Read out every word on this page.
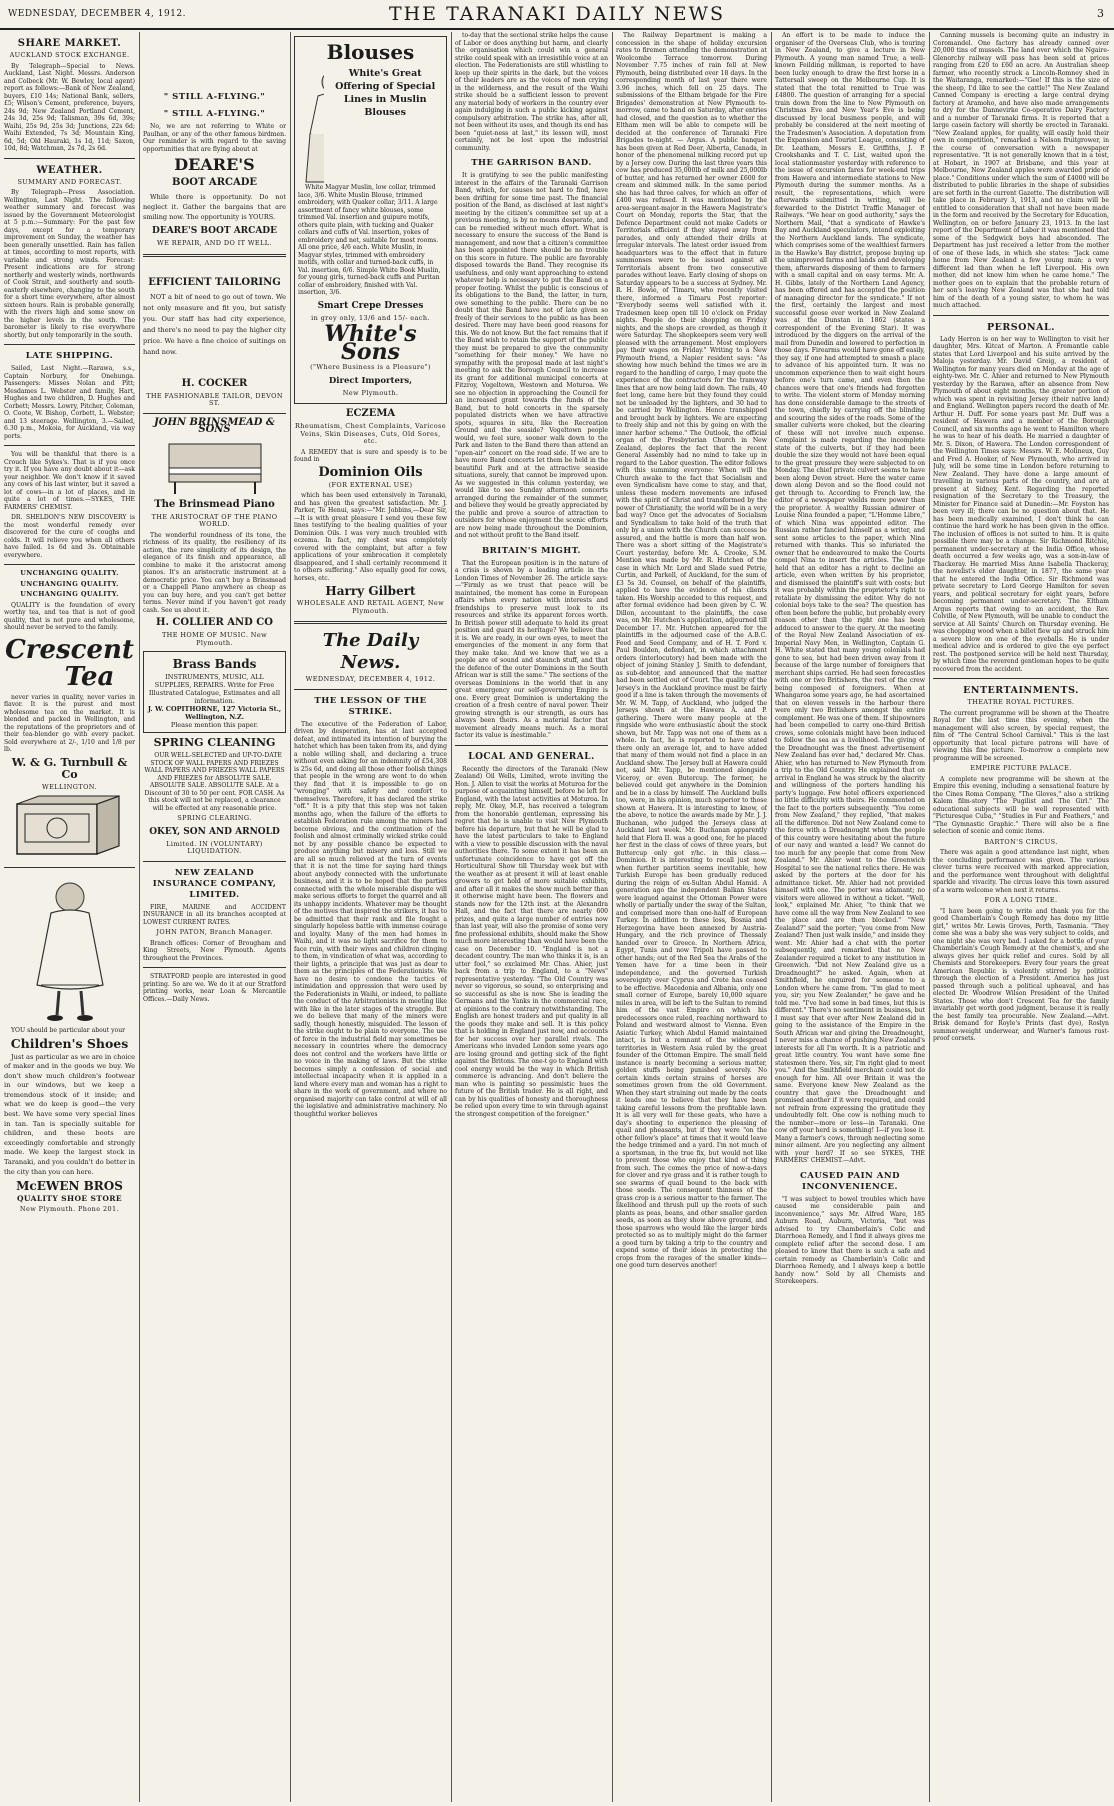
WEDNESDAY, DECEMBER 4, 1912.	THE TARANAKI DAILY NEWS	3
SHARE MARKET.
AUCKLAND STOCK EXCHANGE.

By Telegraph—Special to News. Auckland, Last Night. Messrs. Anderson and Colbeck (Mr. W. Bewley, local agent) report as follows:—Bank of New Zealand, buyers, £10 14s; National Bank, sellers, £5; Wilson's Cement, preference, buyers, 24s 9d; New Zealand Portland Cement, 24s 3d, 25s 9d; Talisman, 39s 6d, 39s; Waihi, 25s 9d, 25s 3d; Junctions, 22s 6d; Waihi Extended, 7s 3d; Mountain King, 6d, 5d; Old Hauraki, 1s 1d, 11d; Saxon, 10d, 8d; Watchman, 2s 7d, 2s 6d.

WEATHER.
SUMMARY AND FORECAST.

By Telegraph—Press Association. Wellington, Last Night. The following weather summary and forecast was issued by the Government Meteorologist at 5 p.m.:—Summary: For the past few days, except for a temporary improvement on Sunday, the weather has been generally unsettled. Rain has fallen at times, according to most reports, with variable and strong winds. Forecast: Present indications are for strong northerly and westerly winds, northwards of Cook Strait, and southerly and south-easterly elsewhere, changing to the south for a short time everywhere, after almost sixteen hours. Rain is probable generally, with the rivers high and some snow on the higher levels in the south. The barometer is likely to rise everywhere shortly, but only temporarily in the south.

LATE SHIPPING.

Sailed, Last Night.—Rarawa, s.s., Captain Norbury, for Onehunga. Passengers: Misses Nolan and Pitt; Mesdames L. Webster and family, Hart, Hughes and two children, D. Hughes and Corbett; Messrs. Lowry, Pitcher, Coleman, O. Coote, W. Bishop, Corbett, L. Webster; and 13 steerage. Wellington, 3.—Sailed, 6.30 p.m., Mokoia, for Auckland, via way ports.

You will be thankful that there is a Crouch like Sykes's. That is if you once try it. If you have any doubt about it—ask your neighbor. We don't know if it saved any cows of his last winter, but it saved a lot of cows—in a lot of places, and in quite a lot of times.—SYKES, THE FARMERS' CHEMIST.

DR. SHELDON'S NEW DISCOVERY is the most wonderful remedy ever discovered for the cure of coughs and colds. It will relieve you when all others have failed. 1s 6d and 3s. Obtainable everywhere.

UNCHANGING QUALITY.
UNCHANGING QUALITY.
UNCHANGING QUALITY.

QUALITY is the foundation of every worthy tea, and tea that is not of good quality, that is not pure and wholesome, should never be served to the family.

Crescent
Tea

never varies in quality, never varies in flavor. It is the purest and most wholesome tea on the market. It is blended and packed in Wellington, and the reputations of the proprietors and of their tea-blender go with every packet. Sold everywhere at 2/-, 1/10 and 1/8 per lb.

W. & G. Turnbull & Co
WELLINGTON.

YOU should be particular about your

Children's Shoes

Just as particular as we are in choice of maker and in the goods we buy. We don't show much children's footwear in our windows, but we keep a tremendous stock of it inside; and what we do keep is good—the very best. We have some very special lines in tan. Tan is specially suitable for children, and these boots are exceedingly comfortable and strongly made. We keep the largest stock in Taranaki, and you couldn't do better in the city than you can here.

McEWEN BROS
QUALITY SHOE STORE
New Plymouth. Phone 201.
" STILL A-FLYING."
" STILL A-FLYING."

No, we are not referring to White or Paulhan, or any of the other famous birdmen. Our reminder is with regard to the saving opportunities that are flying about at

DEARE'S
BOOT ARCADE

While there is opportunity. Do not neglect it. Gather the bargains that are smiling now. The opportunity is YOURS.

DEARE'S BOOT ARCADE
WE REPAIR, AND DO IT WELL.
EFFICIENT TAILORING

NOT a bit of need to go out of town. We not only measure and fit you, but satisfy you. Our staff has had city experience, and there's no need to pay the higher city price. We have a fine choice of suitings on hand now.

H. COCKER
THE FASHIONABLE TAILOR, DEVON ST.
JOHN BRINSMEAD & SONS
The Brinsmead Piano
THE ARISTOCRAT OF THE PIANO WORLD.

The wonderful roundness of its tone, the richness of its quality, the resiliency of its action, the rare simplicity of its design, the elegance of its finish and appearance, all combine to make it the aristocrat among pianos. It's an aristocratic instrument at a democratic price. You can't buy a Brinsmead or a Chappell Piano anywhere as cheap as you can buy here, and you can't get better terms. Never mind if you haven't got ready cash. See us about it.

H. COLLIER AND CO
THE HOME OF MUSIC. New Plymouth.
Brass Bands
INSTRUMENTS, MUSIC, ALL SUPPLIES, REPAIRS. Write for Free Illustrated Catalogue, Estimates and all information.
J. W. COPITHORNE, 127 Victoria St., Wellington, N.Z.
Please mention this paper.
SPRING CLEANING

OUR WELL-SELECTED and UP-TO-DATE STOCK OF WALL PAPERS AND FRIEZES WALL PAPERS AND FRIEZES WALL PAPERS AND FRIEZES for ABSOLUTE SALE. ABSOLUTE SALE. ABSOLUTE SALE. At a Discount of 30 to 50 per cent. FOR CASH. As this stock will not be replaced, a clearance will be effected at any reasonable price.

SPRING CLEARING.
OKEY, SON AND ARNOLD
Limited. IN (VOLUNTARY) LIQUIDATION.
NEW ZEALAND INSURANCE COMPANY, LIMITED.

FIRE, MARINE and ACCIDENT INSURANCE in all its branches accepted at LOWEST CURRENT RATES.

JOHN PATON, Branch Manager.

Branch offices: Corner of Brougham and King Streets, New Plymouth. Agents throughout the Provinces.

STRATFORD people are interested in good printing. So are we. We do it at our Stratford printing works, near Loan & Mercantile Offices.—Daily News.

Blouses
White's Great Offering of Special Lines in Muslin Blouses

White Magyar Muslin, low collar, trimmed lace, 3/6. White Muslin Blouse, trimmed embroidery, with Quaker collar, 3/11. A large assortment of fancy white blouses, some trimmed Val. insertion and guipure motifs, others quite plain, with tucking and Quaker collars and cuffs of Val. insertion, yokes of embroidery and net, suitable for most rooms. All one price, 4/6 each. White Muslin, in Magyar styles, trimmed with embroidery motifs, with collar and turned-back cuffs, in Val. insertion, 6/6. Simple White Book Muslin, for young girls, turned-back cuffs and Puritan collar of embroidery, finished with Val. insertion, 3/6.

Smart Crepe Dresses
in grey only, 13/6 and 15/- each.
White's Sons
("Where Business is a Pleasure")
Direct Importers,
New Plymouth.
ECZEMA
Rheumatism, Chest Complaints, Varicose Veins, Skin Diseases, Cuts, Old Sores, etc.

A REMEDY that is sure and speedy is to be found in

Dominion Oils
(FOR EXTERNAL USE)

which has been used extensively in Taranaki, and has given the greatest satisfaction. Mr. J. Parker, Te Henui, says:—"Mr. Jobbins,—Dear Sir,—It is with great pleasure I send you these few lines testifying to the healing qualities of your Dominion Oils. I was very much troubled with eczema. In fact, my chest was completely covered with the complaint, but after a few applications of your embrocation it completely disappeared, and I shall certainly recommend it to others suffering." Also equally good for cows, horses, etc.

Harry Gilbert
WHOLESALE AND RETAIL AGENT, New Plymouth.
The Daily News.
WEDNESDAY, DECEMBER 4, 1912.
THE LESSON OF THE STRIKE.

The executive of the Federation of Labor, driven by desperation, has at last accepted defeat, and intimated its intention of burying the hatchet which has been taken from its, and dying a noble willing shall, and declaring a truce without even asking for an indemnity of £54,308 is 25s 6d, and doing all those other foolish things that people in the wrong are wont to do when they find that it is impossible to go on "wronging" with safety and comfort to themselves. Therefore, it has declared the strike "off." It is a pity that this step was not taken months ago, when the failure of the efforts to establish Federation rule among the miners had become obvious, and the continuation of the foolish and almost criminally wicked strike could not by any possible chance be expected to produce anything but misery and loss. Still we are all so much relieved at the turn of events that it is not the time for saying hard things about anybody connected with the unfortunate business, and it is to be hoped that the parties connected with the whole miserable dispute will make serious efforts to forget the quarrel and all its unhappy incidents. Whatever may be thought of the motives that inspired the strikers, it has to be admitted that their rank and file fought a singularly hopeless battle with immense courage and loyalty. Many of the men had homes in Waihi, and it was no light sacrifice for them to face ruin, with their wives and children clinging to them, in vindication of what was, according to their lights, a principle that was just as dear to them as the principles of the Federationists. We have no desire to condone the tactics of intimidation and oppression that were used by the Federationists in Waihi, or indeed, to palliate the conduct of the Arbitrationists in meeting like with like in the later stages of the struggle. But we do believe that many of the miners were sadly, though honestly, misguided. The lesson of the strike ought to be plain to everyone. The use of force in the industrial field may sometimes be necessary in countries where the democracy does not control and the workers have little or no voice in the making of laws. But the strike becomes simply a confession of social and intellectual incapacity when it is applied in a land where every man and woman has a right to share in the work of government, and where no organised majority can take control at will of all the legislative and administrative machinery. No thoughtful worker believes

to-day that the sectional strike helps the cause of Labor or does anything but harm, and clearly the organisation which could win a general strike could speak with an irresistible voice at an election. The Federationists are still whistling to keep up their spirits in the dark, but the voices of their leaders are as the voices of men crying in the wilderness, and the result of the Waihi strike should be a sufficient lesson to prevent any material body of workers in the country ever again indulging in such a public kicking against compulsory arbitration. The strike has, after all, not been without its uses, and though its end has been "quiet-ness at last," its lesson will, most certainly, not be lost upon the industrial community.

THE GARRISON BAND.

It is gratifying to see the public manifesting interest in the affairs of the Taranaki Garrison Band, which, for causes not hard to find, have been drifting for some time past. The financial position of the Band, as disclosed at last night's meeting by the citizen's committee set up at a previous meeting, is by no means desperate, and can be remedied without much effort. What is necessary to ensure the success of the Band is management, and now that a citizen's committee has been appointed there should be no trouble on this score in future. The public are favorably disposed towards the Band. They recognise its usefulness, and only want approaching to extend whatever help is necessary to put the Band on a proper footing. Whilst the public is conscious of its obligations to the Band, the latter, in turn, owe something to the public. There can be no doubt that the Band have not of late given so freely of their services to the public as has been desired. There may have been good reasons for this. We do not know. But the fact remains that if the Band wish to retain the support of the public they must be prepared to give the community "something for their money." We have no sympathy with the proposal made at last night's meeting to ask the Borough Council to increase its grant for additional municipal concerts at Fitzroy, Vogeltown, Westown and Moturoa. We see no objection in approaching the Council for an increased grant towards the funds of the Band, but to hold concerts in the sparsely populated districts when we have attractive spots, squares in situ, like the Recreation Ground and the seaside? Vogeltown people would, we feel sure, sooner walk down to the Park and listen to the Band there than attend an "open-air" concert on the road side. If we are to have more Band concerts let them be held in the beautiful Park and at the attractive seaside situations, surely, that cannot be improved upon. As we suggested in this column yesterday, we would like to see Sunday afternoon concerts arranged during the remainder of the summer, and believe they would be greatly appreciated by the public and prove a source of attraction to outsiders for whose enjoyment the scenic efforts are now being made throughout the Dominion, and not without profit to the Band itself.

BRITAIN'S MIGHT.

That the European position is in the nature of a crisis is shown by a leading article in the London Times of November 26. The article says:—"Firmly as we trust that peace will be maintained, the moment has come in European affairs when every nation with interests and friendships to preserve must look to its resources and strike its apparent forces worth. In British power still adequate to hold its great position and guard its heritage? We believe that it is. We are ready, in our own eyes, to meet the emergencies of the moment in any form that they make take. And we know that we as a people are of sound and staunch stuff, and that the defence of the outer Dominions in the South African war is still the same." The sections of the overseas Dominions in the world that in any great emergency our self-governing Empire is one. Every great Dominion is undertaking the creation of a fresh centre of naval power. Their growing strength is our strength, as ours has always been theirs. As a material factor that movement already means much. As a moral factor its value is inestimable."

LOCAL AND GENERAL.

Recently the directors of the Taranaki (New Zealand) Oil Wells, Limited, wrote inviting the Hon. J. Allen to visit the works at Moturoa for the purpose of acquainting himself, before he left for England, with the latest activities at Moturoa. In reply, Mr. Okey, M.P., has received a telegram from the honorable gentleman, expressing his regret that he is unable to visit New Plymouth before his departure, but that he will be glad to have the latest particulars to take to England with a view to possible discussion with the naval authorities there. To some extent it has been an unfortunate coincidence to have got off the Horticultural Show till Thursday week but with the weather as at present it will at least enable growers to get hold of more suitable exhibits, and after all it makes the show much better than it otherwise might have been. The flowers and stands now for the 12th inst. at the Alexandra Hall, and the fact that there are nearly 600 prizes, and quite a large number of entries now than last year, will also the promise of some very fine professional exhibits, should make the Show much more interesting than would have been the case on December 10. "England is not a decadent country. The man who thinks it is, is an utter fool," so exclaimed Mr. Chas. Ahier, just back from a trip to England, to a "News" representative yesterday. "The Old Country was never so vigorous, so sound, so enterprising and so successful as she is now. She is leading the Germans and the Yanks in the commercial race, at opinions to the contrary notwithstanding. The English are honest traders and put quality in all the goods they make and sell. It is this policy that is holding in England just now, and accounts for her success over her parallel rivals. The Americans who invaded London some years ago are losing ground and getting sick of the fight against the Britons. The one-t go to England with cool energy would be the way in which British commerce is advancing. And don't believe the man who is painting so pessimistic hues the future of the British trader. He is all right, and can by his qualities of honesty and thoroughness be relied upon every time to win through against the strongest competition of the foreigner."

The Railway Department is making a concession in the shape of holiday excursion rates to firemen attending the demonstration at Woolcombe Terrace tomorrow. During November 7.75 inches of rain fell at New Plymouth, being distributed over 18 days. In the corresponding month of last year there were 3.96 inches, which fell on 25 days. The submissions of the Eltham brigade for the Fire Brigades' demonstration at New Plymouth to-morrow, came to hand on Saturday, after entries had closed, and the question as to whether the Eltham men will be able to compete will be decided at the conference of Taranaki Fire Brigades to-night. — Argus. A public banquet has been given at Red Deer, Alberta, Canada, in honor of the phenomenal milking record put up by a Jersey cow. During the last three years this cow has produced 35,000lb of milk and 25,000lb of butter, and has returned her owner £600 for cream and skimmed milk. In the same period she has had three calves, for which an offer of £400 was refused. It was mentioned by the area-sergeant-major in the Hawera Magistrate's Court on Monday, reports the Star, that the Defence Department could not make Cadets or Territorials efficient if they stayed away from parades, and only attended their drills at irregular intervals. The latest order issued from headquarters was to the effect that in future summonses were to be issued against all Territorials absent from two consecutive parades without leave. Early closing of shops on Saturday appears to be a success at Sydney. Mr. R. H. Bowie, of Timaru, who recently visited there, informed a Timaru Post reporter: "Everybody seems well satisfied with it. Tradesmen keep open till 10 o'clock on Friday nights. People do their shopping on Friday nights, and the shops are crowded, as though it were Saturday. The shopkeepers seem very well pleased with the arrangement. Most employers pay their wages on Friday." Writing to a New Plymouth friend, a Napier resident says: "As showing how much behind the times we are in regard to the handling of cargo, I may quote the experience of the contractors for the tramway lines that are now being laid down. The rails, 40 feet long, came here but they found they could not be unloaded by the lighters, and 30 had to be carried by Wellington. Hence transhipped and brought back by lighters. We are expecting to freely ship and not this by going on with the inner harbor scheme." The Outlook, the official organ of the Presbyterian Church in New Zealand, deplores the fact that the recent General Assembly had no mind to take up in regard to the Labor question. The editor follows with this summing everyone: When will the Church awake to the fact that Socialism and even Syndicalism have come to stay, and that, unless these modern movements are infused with the spirit of Christ and transformed by the power of Christianity, the world will be in a very bad way? Once get the advocates of Socialism and Syndicalism to take hold of the truth that only by a union with the Church can success be assured, and the battle is more than half won. There was a short sitting of the Magistrate's Court yesterday, before Mr. A. Crooke, S.M. Mention was made by Mr. R. Hutchen of the case in which Mr. Lord and Slade sued Petrie, Curtin, and Parkell, of Auckland, for the sum of £3 5s 3d. Counsel, on behalf of the plaintiffs, applied to have the evidence of his clients taken. His Worship acceded to this request, and after formal evidence had been given by C. W. Dillon, accountant to the plaintiffs, the case was, on Mr. Hutchen's application, adjourned till December 17. Mr. Hutchen appeared for the plaintiffs in the adjourned case of the A.B.C. Feed and Seed Company, and of H. T. Ford v. Paul Boulden, defendant, in which attachment orders (interlocutory) had been made with the object of joining Stanley J. Smith to defendant, as sub-debtor, and announced that the matter had been settled out of Court. The quality of the Jersey's in the Auckland province must be fairly good if a line is taken through the movements of Mr. W. M. Tapp, of Auckland, who judged the Jerseys shown at the Hawera A. and P. gathering. There were many people at the ringside who were enthusiastic about the stock shown, but Mr. Tapp was not one of them as a whole. In fact, he is reported to have stated there only an average lot, and to have added that many of them would not find a place in an Auckland show. The Jersey bull at Hawera could not, said Mr. Tapp, be mentioned alongside Viceroy, or even Butercup. The former, he believed could get anywhere in the Dominion and be in a class by himself. The Auckland bulls too, were, in his opinion, much superior to those shown at Hawera. It is interesting to know, of the above, to notice the awards made by Mr. J. J. Buchanan, who judged the Jerseys class at Auckland last week. Mr. Buchanan apparently held that Flora II. was a good one, for he placed her first in the class of cows of three years, but Buttercup only got r/hc. in this class.—Dominion. It is interesting to recall just now, when further partition seems inevitable, how Turkish Europe has been gradually reduced during the reign of ex-Sultan Abdul Hamid. A generation ago the independent Balkan States were leagued against the Ottoman Power were wholly or partially under the sway of the Sultan, and comprised more than one-half of European Turkey. In addition to these loss, Bosnia and Herzegovina have been annexed by Austria-Hungary, and the rich province of Thessaly handed over to Greece. In Northern Africa, Egypt, Tunis and now Tripoli have passed to other hands; out of the Red Sea the Arabs of the Yemen have for a time been in their independence, and the governed Turkish sovereignty over Cyprus and Crete has ceased to be effective. Macedonia and Albania, only one small corner of Europe, barely 10,000 square miles in area, will be left to the Sultan to remind him of the vast Empire on which his predecessors once ruled, reaching northward to Poland and westward almost to Vienna. Even Asiatic Turkey, which Abdul Hamid maintained intact, is but a remnant of the widespread territories in Western Asia ruled by the great founder of the Ottoman Empire. The small field instance is nearly becoming a serious matter, golden stuffs being punished severely. No certain kinds certain strains of horses are sometimes grown from the old Government. When they start straining out made by the coats it leads one to believe that they have been taking careful lessons from the profitable lawn. It is all very well for these geats, who have a day's shooting to experience the pleasing of quail and pheasants, but if they were "on the other fellow's place" at times that it would leave the hedge trimmed and a yard. I'm not much of a sportsman, in the true fix, but would not like to prevent those who enjoy that kind of thing from such. The comes the price of now-a-days for clover and rye grass and it is rather tough to see swarms of quail bound to the back with those seeds. The consequent thinness of the grass crop is a serious matter to the farmer. The likelihood and thrush pull up the roots of such plants as peas, beans, and other smaller garden seeds, as soon as they show above ground, and those sparrows who would like the larger birds protected so as to multiply might do the farmer a good turn by taking a trip to the country and expend some of their ideas in protecting the crops from the ravages of the smaller kinds—one good turn deserves another!

An effort is to be made to induce the organiser of the Overseas Club, who is touring in New Zealand, to give a lecture in New Plymouth. A young man named True, a well-known Feilding milkman, is reported to have been lucky enough to draw the first horse in a Tattersall sweep on the Melbourne Cup. It is stated that the total remitted to True was £4800. The question of arranging for a special train down from the line to New Plymouth on Christmas Eve and New Year's Eve is being discussed by local business people, and will probably be considered at the next meeting of the Tradesmen's Association. A deputation from the Expansion and Tourist League, consisting of Dr. Leatham, Messrs E. Griffiths, J. P. Crookshanks and T. C. List, waited upon the local stationmaster yesterday with reference to the issue of excursion fares for week-end trips from Hawera and intermediate stations to New Plymouth during the summer months. As a result, the representations, which were afterwards submitted in writing, will be forwarded to the District Traffic Manager of Railways. "We hear on good authority," says the Northern Mail, "that a syndicate of Hawke's Bay and Auckland speculators, intend exploiting the Northern Auckland lands. The syndicate, which comprises some of the wealthiest farmers in the Hawke's Bay district, propose buying up the unimproved farms and lands and developing them, afterwards disposing of them to farmers with a small capital and on easy terms. Mr. A. H. Gibbs, lately of the Northern Land Agency, has been offered and has accepted the position of managing director for the syndicate." If not the first, certainly the largest and most successful goose ever worked in New Zealand was at the Dunstan in 1862 (states a correspondent of the Evening Star). It was introduced by the diggers on the arrival of the mail from Dunedin and lowered to perfection in those days. Firearms would have gone off easily, they say, if one had attempted to smash a place to advance of his appointed turn. It was no uncommon experience then to wait eight hours before one's turn came, and even then the chances were that one's friends had forgotten to write. The violent storm of Monday morning has done considerable damage to the streets of the town, chiefly by carrying off the blinding and scouring the sides of the roads. Some of the smaller culverts were choked, but the clearing of these will not involve much expense. Complaint is made regarding the incomplete state of the culverts, but if they had been double the size they would not have been equal to the great pressure they were subjected to on Monday. The chief private culvert seems to have been along Devon street. Here the water came down along Devon and so the flood could not get through to. According to French law, the editor of a newspaper wields more power than the proprietor. A wealthy Russian admirer of Louise Nina founded a paper, "L'Homme Libre," of which Nina was appointed editor. The Russian rather fancied himself as a writer, and sent some articles to the paper, which Nina returned with thanks. This so infuriated the owner that he endeavoured to make the Courts compel Nina to insert the articles. The Judge held that an editor has a right to decline an article, even when written by his proprietor, and dismissed the plaintiff's suit with costs; but it was probably within the proprietor's right to retaliate by dismissing the editor. Why do not colonial boys take to the sea? The question has often been before the public, but probably every reason other than the right one has been adduced to answer to the query. At the meeting of the Royal New Zealand Association of ex-Imperial Navy Men, in Wellington, Captain G. H. White stated that many young colonials had gone to sea, but had been driven away from it because of the large number of foreigners that merchant ships carried. He had seen forecastles with one or two Britishers, the rest of the crew being composed of foreigners. When at Whangaroa some years ago, he had ascertained that on eleven vessels in the harbour there were only two Britishers amongst the entire complement. He was one of them. If shipowners had been compelled to carry one-third British crews, some colonials might have been induced to follow the sea as a livelihood. The giving of the Dreadnought was the finest advertisement New Zealand has ever had," declared Mr. Chas. Ahier, who has returned to New Plymouth from a trip to the Old Country. He explained that on arrival in England he was struck by the alacrity and willingness of the porters handling his party's luggage. Few hotel officers experienced no little difficulty with theirs. He commented on the fact to the porters subsequently. "You come from New Zealand," they replied, "that makes all the difference. Did not New Zealand come to the force with a Dreadnought when the people of this country were hesitating about the future of our navy and wanted a lead? We cannot do too much for any people that come from New Zealand." Mr. Ahier went to the Greenwich Hospital to see the national relics there. He was asked by the porters at the door for his admittance ticket. Mr. Ahier had not provided himself with one. The porter was adamant; no visitors were allowed in without a ticket. "Well, look," explained Mr. Ahier, "to think that we have come all the way from New Zealand to see the place and are then blocked." "New Zealand?" said the porter; "you come from New Zealand? Then just walk inside," and inside they went. Mr. Ahier had a chat with the porter subsequently, and remarked that no New Zealander required a ticket to any institution in Greenwich. "Did not New Zealand give us a Dreadnought?" he asked. Again, when at Smithfield, he enquired for someone to a London where he came from. "I'm glad to meet you, sir; you New Zealander," he gave and he told me. "I've had some in bad times, but this is different." There's no sentiment in business, but I must say that ever after New Zealand did in going to the assistance of the Empire in the South African war and giving the Dreadnought, I never miss a chance of pushing New Zealand's interests for all I'm worth. It is a patriotic and great little country. You want have some fine statesmen there. Yes, sir, I'm right glad to meet you." And the Smithfield merchant could not do enough for him. All over Britain it was the same. Everyone knew New Zealand as the country that gave the Dreadnought and promised another if it were required, and could not refrain from expressing the gratitude they undoubtedly felt. One cow is nothing much to the number—more or less—in Taranaki. One cow off your herd is something! I—if you lose it. Many a farmer's cows, through neglecting some minor ailment. Are you neglecting any ailment with your herd? If so see SYKES, THE FARMERS' CHEMIST.—Advt.

CAUSED PAIN AND INCONVENIENCE.

"I was subject to bowel troubles which have caused me considerable pain and inconvenience," says Mr. Alfred Ware, 185 Auburn Road, Auburn, Victoria, "but was advised to try Chamberlain's Colic and Diarrhoea Remedy, and I find it always gives me complete relief after the second dose. I am pleased to know that there is such a safe and certain remedy as Chamberlain's Colic and Diarrhoea Remedy, and I always keep a bottle handy now." Sold by all Chemists and Storekeepers.

Canning mussels is becoming quite an industry in Coromandel. One factory has already canned over 20,000 tins of mussels. The land over which the Ngaire-Glenorchy railway will pass has been sold at prices ranging from £20 to £60 an acre. An Australian sheep farmer, who recently struck a Lincoln-Romney shed in the Waitaranga, remarked:—"Gee! If this is the size of the sheep, I'd like to see the cattle!" The New Zealand Canned Company is erecting a large central drying factory at Aramoho, and have also made arrangements to dry for the Dannevirke Co-operative Dairy Factory and a number of Taranaki firms. It is reported that a large casein factory will shortly be erected in Taranaki. "New Zealand apples, for quality, will easily hold their own in competition," remarked a Nelson fruitgrower, in the course of conversation with a newspaper representative. "It is not generally known that in a test, at Hobart, in 1907 at Brisbane, and this year at Melbourne, New Zealand apples were awarded pride of place." Conditions under which the sum of £4000 will be distributed to public libraries in the shape of subsidies are set forth in the current Gazette. The distribution will take place in February 3, 1913, and no claim will be entitled to consideration that shall not have been made in the form and received by the Secretary for Education, Wellington, on or before January 23, 1913. In the last report of the Department of Labor it was mentioned that some of the Sedgwick boys had absconded. The Department has just received a letter from the mother of one of these lads, in which she states: "Jack came home from New Zealand a few young man; a very different lad than when he left Liverpool. His own mother, did not know him when he came home." The mother goes on to explain that the probable return of her son's leaving New Zealand was that she had told him of the death of a young sister, to whom he was much attached.

PERSONAL.

Lady Herron is on her way to Wellington to visit her daughter, Mrs. Kitcat of Marton. A Fremantle cable states that Lord Liverpool and his suite arrived by the Maloja yesterday. Mr. David Greig, a resident of Wellington for many years died on Monday at the age of eighty-two. Mr. C. Ahier and returned to New Plymouth yesterday by the Rarawa, after an absence from New Plymouth of about eight months, the greater portion of which was spent in revisiting Jersey (their native land) and England. Wellington papers record the death of Mr. Arthur H. Duff. For some years past Mr. Duff was a resident of Hawera and a member of the Borough Council, and six months ago he went to Hamilton where he was to hear of his death. He married a daughter of Mr. S. Dixon, of Hawera. The London correspondent of the Wellington Times says: Messrs. W. E. Molineux, Guy and Fred A. Hooker, of New Plymouth, who arrived in July, will be some time in London before returning to New Zealand. They have done a large amount of travelling in various parts of the country, and are at present at Sidney, Kent. Regarding the reported resignation of the Secretary to the Treasury, the Minister for Finance said at Dunedin:—Mr. Foyston has been very ill; there can be no question about that. He has been medically examined, I don't think he can continue the hard work he has been given in the office. The inclusion of offices is not suited to him. It is quite possible there may be a change. Sir Richmond Ritchie, permanent under-secretary at the India Office, whose death occurred a few weeks ago, was a son-in-law of Thackeray. He married Miss Anne Isabella Thackeray, the novelist's elder daughter, in 1877, the same year that he entered the India Office. Sir Richmond was private secretary to Lord George Hamilton for seven years, and political secretary for eight years, before becoming permanent under-secretary. The Eltham Argus reports that owing to an accident, the Rev. Colville, of New Plymouth, will be unable to conduct the service at All Saints' Church on Thursday evening. He was chopping wood when a billet flew up and struck him a severe blow on one of the eyeballs. He is under medical advice and is ordered to give the eye perfect rest. The postponed service will be held next Thursday, by which time the reverend gentleman hopes to be quite recovered from the accident.

ENTERTAINMENTS.
THEATRE ROYAL PICTURES.

The current programme will be shown at the Theatre Royal for the last time this evening, when the management will also screen, by special request, the film of "The Central School Carnival." This is the last opportunity that local picture patrons will have of viewing this fine picture. To-morrow a complete new programme will be screened.

EMPIRE PICTURE PALACE.

A complete new programme will be shown at the Empire this evening, including a sensational feature by the Cines Roma Company, "The Gloves," also a striking Kalem film-story "The Pugilist and The Girl." The educational subjects will be well represented with "Picturesque Cuba," "Studies in Fur and Feathers," and "The Gymnastic Graphic." There will also be a fine selection of scenic and comic items.

BARTON'S CIRCUS.

There was again a good attendance last night, when the concluding performance was given. The various clever turns were received with marked appreciation, and the performance went throughout with delightful sparkle and vivacity. The circus leave this town assured of a warm welcome when next it returns.

FOR A LONG TIME.

"I have been going to write and thank you for the good Chamberlain's Cough Remedy has done my little girl," writes Mr. Lewis Groves, Perth, Tasmania. "They come she was a baby she was very subject to colds, and one night she was very bad. I asked for a bottle of your Chamberlain's Cough Remedy at the chemist's, and she always gives her quick relief and cures. Sold by all Chemists and Storekeepers. Every four years the great American Republic is violently stirred by politics through the election of a President. America has just passed through such a political upheaval, and has elected Dr. Woodrow Wilson President of the United States. Those who don't Crescent Tea for the family invariably get worth good judgment, because it is really the best family tea procurable. New Zealand.—Advt. Brisk demand for Royle's Prints (fast dye), Roslyn summer-weight underwear, and Warner's famous rust-proof corsets.
